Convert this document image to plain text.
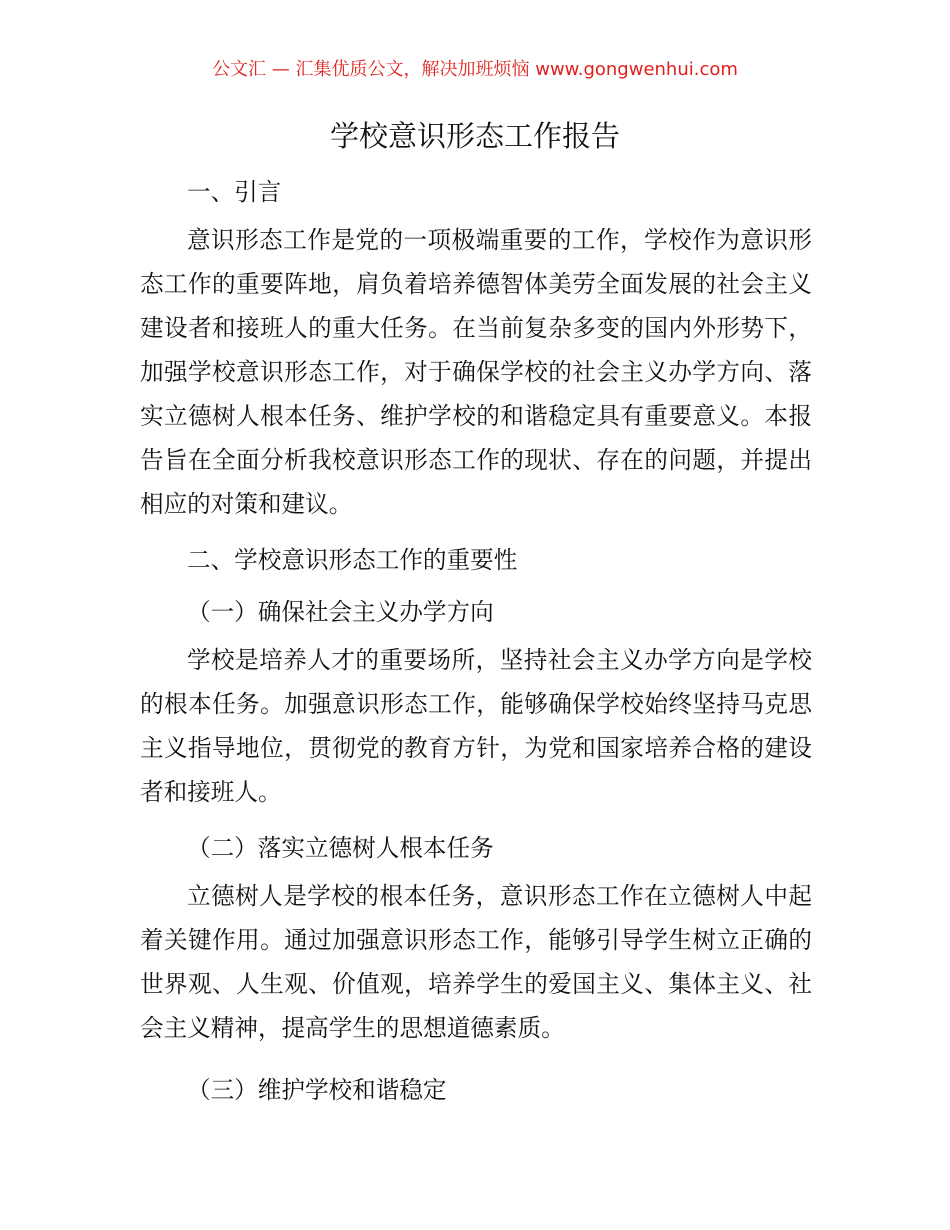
公文汇 — 汇集优质公文，解决加班烦恼 www.gongwenhui.com
学校意识形态工作报告

一、引言

意识形态工作是党的一项极端重要的工作，学校作为意识形态工作的重要阵地，肩负着培养德智体美劳全面发展的社会主义建设者和接班人的重大任务。在当前复杂多变的国内外形势下，加强学校意识形态工作，对于确保学校的社会主义办学方向、落实立德树人根本任务、维护学校的和谐稳定具有重要意义。本报告旨在全面分析我校意识形态工作的现状、存在的问题，并提出相应的对策和建议。

二、学校意识形态工作的重要性

（一）确保社会主义办学方向

学校是培养人才的重要场所，坚持社会主义办学方向是学校的根本任务。加强意识形态工作，能够确保学校始终坚持马克思主义指导地位，贯彻党的教育方针，为党和国家培养合格的建设者和接班人。

（二）落实立德树人根本任务

立德树人是学校的根本任务，意识形态工作在立德树人中起着关键作用。通过加强意识形态工作，能够引导学生树立正确的世界观、人生观、价值观，培养学生的爱国主义、集体主义、社会主义精神，提高学生的思想道德素质。

（三）维护学校和谐稳定
